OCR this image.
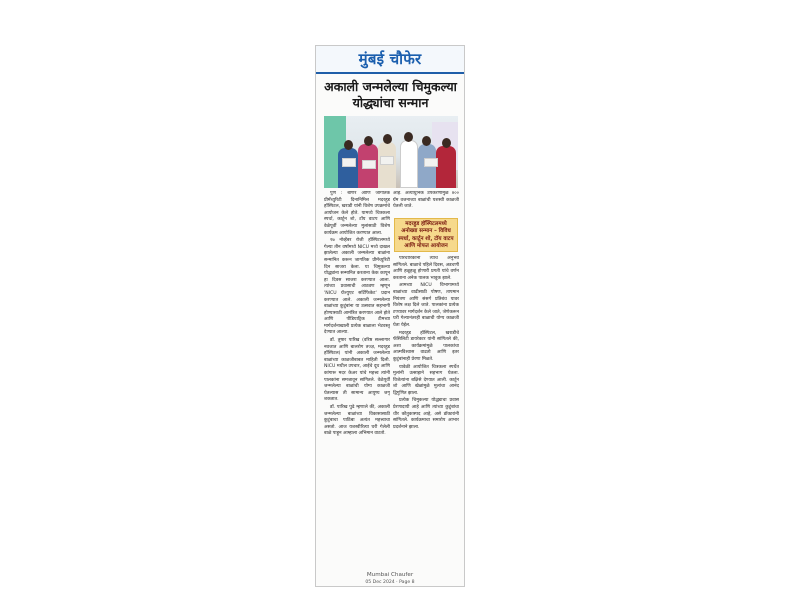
मुंबई चौफेर
अकाली जन्मलेल्या चिमुकल्या योद्ध्यांचा सन्मान

पुणे : बाणेर आणि जागतिक प्रीमॅच्युरिटी दिनानिमित्त मदरहुड हॉस्पिटल, खराडी यांनी विशेष उपक्रमांचे आयोजन केले होते. यामध्ये चित्रकला स्पर्धा, कार्टून शो, टॉय वाटप आणि वेळेपूर्वी जन्मलेल्या मुलांसाठी विशेष कार्यक्रम आयोजित करण्यात आला.

१७ नोव्हेंबर रोजी हॉस्पिटलमध्ये गेल्या तीन वर्षांमध्ये NICU मध्ये दाखल झालेल्या अकाली जन्मलेल्या बाळांना सन्मानित करून जागतिक प्रीमॅच्युरिटी दिन साजरा केला. या चिमुकल्या योद्ध्यांना सन्मानित करताना केक कापून हा दिवस साजरा करण्यात आला. त्यांच्या प्रवासाची आठवण म्हणून 'NICU ग्रॅज्युएट सर्टिफिकेट' प्रदान करण्यात आले. अकाली जन्मलेल्या बाळांच्या कुटुंबांना या उत्सवात सहभागी होण्यासाठी आमंत्रित करण्यात आले होते आणि पीडियाट्रिक टीमच्या मार्गदर्शनाखाली प्रत्येक बाळाला भेटवस्तू देण्यात आल्या.

डॉ. तुषार पारिख (वरिष्ठ सल्लागार नवजात आणि बालरोग तज्ज्ञ, मदरहुड हॉस्पिटल) यांनी अकाली जन्मलेल्या बाळांच्या काळजीबाबत माहिती दिली. NICU मधील उपचार, आईचे दूध आणि कांगारू मदर केअर यांचे महत्त्व त्यांनी पालकांना समजावून सांगितले. वेळेपूर्वी जन्मलेल्या बाळांची योग्य काळजी घेतल्यास ती सामान्य आयुष्य जगू शकतात.

डॉ. पारिख पुढे म्हणाले की, अकाली जन्मलेल्या बाळांच्या विकासासाठी कुटुंबाचा पाठिंबा अत्यंत महत्त्वाचा असतो. आज यशस्वीरित्या घरी गेलेली बाळे पाहून आम्हाला अभिमान वाटतो.

आहे. अत्याधुनिक उपकरणांमुळे ४०० ग्रॅम वजनाच्या बाळांची यशस्वी काळजी घेतली जाते.

मदरहुड हॉस्पिटलमध्ये अनोख्या सन्मान – विविध स्पर्धा, कार्टून शो, टॉय वाटप आणि मोफत आयोजन

परिचारिकांनी त्यांचे अनुभव सांगितले. बाळाचे पहिले दिवस, अडचणी आणि हळूहळू होणारी प्रगती यांचे वर्णन करताना अनेक पालक भावुक झाले.

आमच्या NICU विभागामध्ये बाळांच्या वाढीसाठी पोषण, तापमान नियंत्रण आणि संसर्ग प्रतिबंध यावर विशेष लक्ष दिले जाते. पालकांना प्रत्येक टप्प्यावर मार्गदर्शन केले जाते, जेणेकरून घरी गेल्यानंतरही बाळाची योग्य काळजी घेता येईल.

मदरहुड हॉस्पिटल, खराडीचे फॅसिलिटी डायरेक्टर यांनी सांगितले की, अशा कार्यक्रमांमुळे पालकांचा आत्मविश्वास वाढतो आणि इतर कुटुंबांनाही प्रेरणा मिळते.

यावेळी आयोजित चित्रकला स्पर्धेत मुलांनी उत्साहाने सहभाग घेतला. विजेत्यांना बक्षिसे देण्यात आली. कार्टून शो आणि खेळांमुळे मुलांचा आनंद द्विगुणित झाला.

प्रत्येक चिमुकल्या योद्ध्याचा प्रवास प्रेरणादायी आहे आणि त्यांच्या कुटुंबांचा धीर कौतुकास्पद आहे, असे डॉक्टरांनी सांगितले. कार्यक्रमाचा समारोप आभार प्रदर्शनाने झाला.

Mumbai Chaufer
05 Dec 2024 · Page 8
